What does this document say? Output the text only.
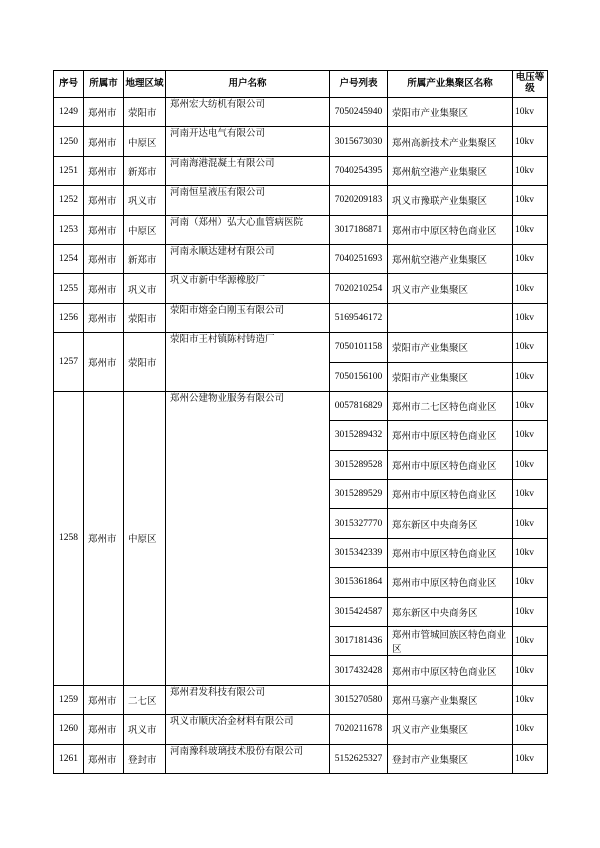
序号	所属市	地理区域	用户名称	户号列表	所属产业集聚区名称	电压等级
1249	郑州市	荥阳市	郑州宏大纺机有限公司	7050245940	荥阳市产业集聚区	10kv
1250	郑州市	中原区	河南开达电气有限公司	3015673030	郑州高新技术产业集聚区	10kv
1251	郑州市	新郑市	河南海港混凝土有限公司	7040254395	郑州航空港产业集聚区	10kv
1252	郑州市	巩义市	河南恒星液压有限公司	7020209183	巩义市豫联产业集聚区	10kv
1253	郑州市	中原区	河南（郑州）弘大心血管病医院	3017186871	郑州市中原区特色商业区	10kv
1254	郑州市	新郑市	河南永顺达建材有限公司	7040251693	郑州航空港产业集聚区	10kv
1255	郑州市	巩义市	巩义市新中华源橡胶厂	7020210254	巩义市产业集聚区	10kv
1256	郑州市	荥阳市	荥阳市熔金白刚玉有限公司	5169546172		10kv
1257	郑州市	荥阳市	荥阳市王村镇陈村铸造厂	7050101158	荥阳市产业集聚区	10kv
				7050156100	荥阳市产业集聚区	10kv
1258	郑州市	中原区	郑州公建物业服务有限公司	0057816829	郑州市二七区特色商业区	10kv
				3015289432	郑州市中原区特色商业区	10kv
				3015289528	郑州市中原区特色商业区	10kv
				3015289529	郑州市中原区特色商业区	10kv
				3015327770	郑东新区中央商务区	10kv
				3015342339	郑州市中原区特色商业区	10kv
				3015361864	郑州市中原区特色商业区	10kv
				3015424587	郑东新区中央商务区	10kv
				3017181436	郑州市管城回族区特色商业区	10kv
				3017432428	郑州市中原区特色商业区	10kv
1259	郑州市	二七区	郑州君发科技有限公司	3015270580	郑州马寨产业集聚区	10kv
1260	郑州市	巩义市	巩义市顺庆冶金材料有限公司	7020211678	巩义市产业集聚区	10kv
1261	郑州市	登封市	河南豫科玻璃技术股份有限公司	5152625327	登封市产业集聚区	10kv
